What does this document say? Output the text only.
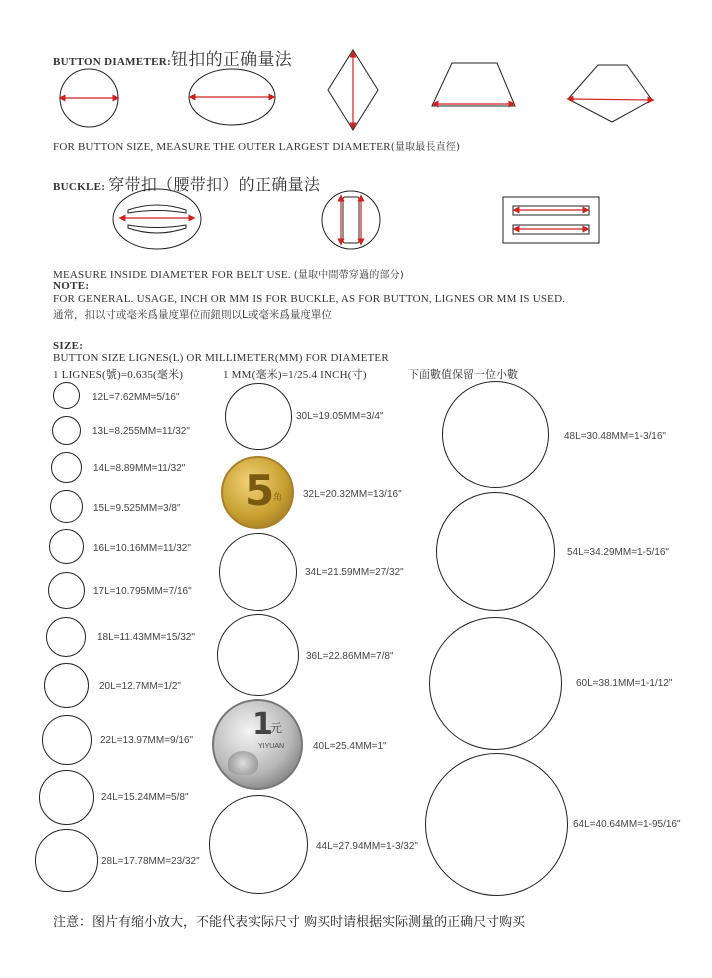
BUTTON DIAMETER:钮扣的正确量法
FOR BUTTON SIZE, MEASURE THE OUTER LARGEST DIAMETER(量取最長直徑)
BUCKLE: 穿带扣（腰带扣）的正确量法
MEASURE INSIDE DIAMETER FOR BELT USE. (量取中間帶穿過的部分)
NOTE:
FOR GENERAL. USAGE, INCH OR MM IS FOR BUCKLE, AS FOR BUTTON, LIGNES OR MM IS USED.
通常，扣以寸或毫米爲量度單位而鈕則以L或毫米爲量度單位
SIZE:
BUTTON SIZE LIGNES(L) OR MILLIMETER(MM) FOR DIAMETER
1 LIGNES(號)=0.635(毫米)	1 MM(毫米)=1/25.4 INCH(寸)	下面數值保留一位小數
12L=7.62MM=5/16"
13L=8.255MM=11/32"
14L=8.89MM=11/32"
15L=9.525MM=3/8"
16L=10.16MM=11/32"
17L=10.795MM=7/16"
18L=11.43MM=15/32"
20L=12.7MM=1/2"
22L=13.97MM=9/16"
24L=15.24MM=5/8"
28L=17.78MM=23/32"
30L=19.05MM=3/4"
5
角 32L=20.32MM=13/16"
34L=21.59MM=27/32"
36L=22.86MM=7/8"
1
元
YIYUAN	40L=25.4MM=1"
44L=27.94MM=1-3/32"
48L=30.48MM=1-3/16"
54L=34.29MM=1-5/16"
60L=38.1MM=1-1/12"
64L=40.64MM=1-95/16"
注意：图片有缩小放大，不能代表实际尺寸 购买时请根据实际测量的正确尺寸购买
